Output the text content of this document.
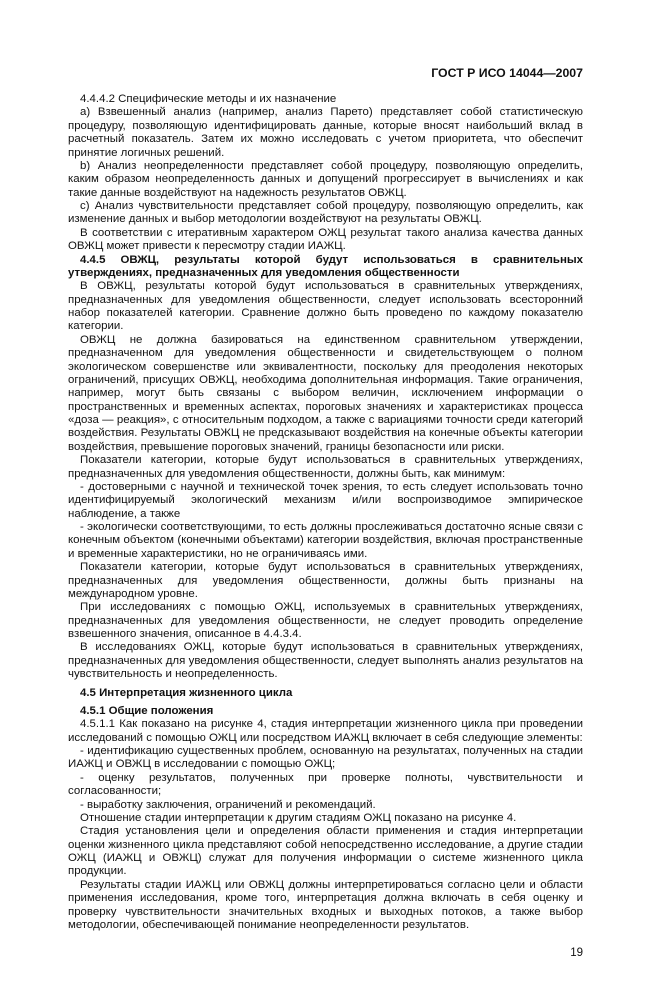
ГОСТ Р ИСО 14044—2007

4.4.4.2 Специфические методы и их назначение

a) Взвешенный анализ (например, анализ Парето) представляет собой статистическую процедуру, позволяющую идентифицировать данные, которые вносят наибольший вклад в расчетный показатель. Затем их можно исследовать с учетом приоритета, что обеспечит принятие логичных решений.

b) Анализ неопределенности представляет собой процедуру, позволяющую определить, каким образом неопределенность данных и допущений прогрессирует в вычислениях и как такие данные воздействуют на надежность результатов ОВЖЦ.

c) Анализ чувствительности представляет собой процедуру, позволяющую определить, как изменение данных и выбор методологии воздействуют на результаты ОВЖЦ.

В соответствии с итеративным характером ОЖЦ результат такого анализа качества данных ОВЖЦ может привести к пересмотру стадии ИАЖЦ.

4.4.5 ОВЖЦ, результаты которой будут использоваться в сравнительных утверждениях, предназначенных для уведомления общественности

В ОВЖЦ, результаты которой будут использоваться в сравнительных утверждениях, предназначенных для уведомления общественности, следует использовать всесторонний набор показателей категории. Сравнение должно быть проведено по каждому показателю категории.

ОВЖЦ не должна базироваться на единственном сравнительном утверждении, предназначенном для уведомления общественности и свидетельствующем о полном экологическом совершенстве или эквивалентности, поскольку для преодоления некоторых ограничений, присущих ОВЖЦ, необходима дополнительная информация. Такие ограничения, например, могут быть связаны с выбором величин, исключением информации о пространственных и временных аспектах, пороговых значениях и характеристиках процесса «доза — реакция», с относительным подходом, а также с вариациями точности среди категорий воздействия. Результаты ОВЖЦ не предсказывают воздействия на конечные объекты категории воздействия, превышение пороговых значений, границы безопасности или риски.

Показатели категории, которые будут использоваться в сравнительных утверждениях, предназначенных для уведомления общественности, должны быть, как минимум:

- достоверными с научной и технической точек зрения, то есть следует использовать точно идентифицируемый экологический механизм и/или воспроизводимое эмпирическое наблюдение, а также

- экологически соответствующими, то есть должны прослеживаться достаточно ясные связи с конечным объектом (конечными объектами) категории воздействия, включая пространственные и временные характеристики, но не ограничиваясь ими.

Показатели категории, которые будут использоваться в сравнительных утверждениях, предназначенных для уведомления общественности, должны быть признаны на международном уровне.

При исследованиях с помощью ОЖЦ, используемых в сравнительных утверждениях, предназначенных для уведомления общественности, не следует проводить определение взвешенного значения, описанное в 4.4.3.4.

В исследованиях ОЖЦ, которые будут использоваться в сравнительных утверждениях, предназначенных для уведомления общественности, следует выполнять анализ результатов на чувствительность и неопределенность.

4.5 Интерпретация жизненного цикла

4.5.1 Общие положения

4.5.1.1 Как показано на рисунке 4, стадия интерпретации жизненного цикла при проведении исследований с помощью ОЖЦ или посредством ИАЖЦ включает в себя следующие элементы:

- идентификацию существенных проблем, основанную на результатах, полученных на стадии ИАЖЦ и ОВЖЦ в исследовании с помощью ОЖЦ;

- оценку результатов, полученных при проверке полноты, чувствительности и согласованности;

- выработку заключения, ограничений и рекомендаций.

Отношение стадии интерпретации к другим стадиям ОЖЦ показано на рисунке 4.

Стадия установления цели и определения области применения и стадия интерпретации оценки жизненного цикла представляют собой непосредственно исследование, а другие стадии ОЖЦ (ИАЖЦ и ОВЖЦ) служат для получения информации о системе жизненного цикла продукции.

Результаты стадии ИАЖЦ или ОВЖЦ должны интерпретироваться согласно цели и области применения исследования, кроме того, интерпретация должна включать в себя оценку и проверку чувствительности значительных входных и выходных потоков, а также выбор методологии, обеспечивающей понимание неопределенности результатов.

19
